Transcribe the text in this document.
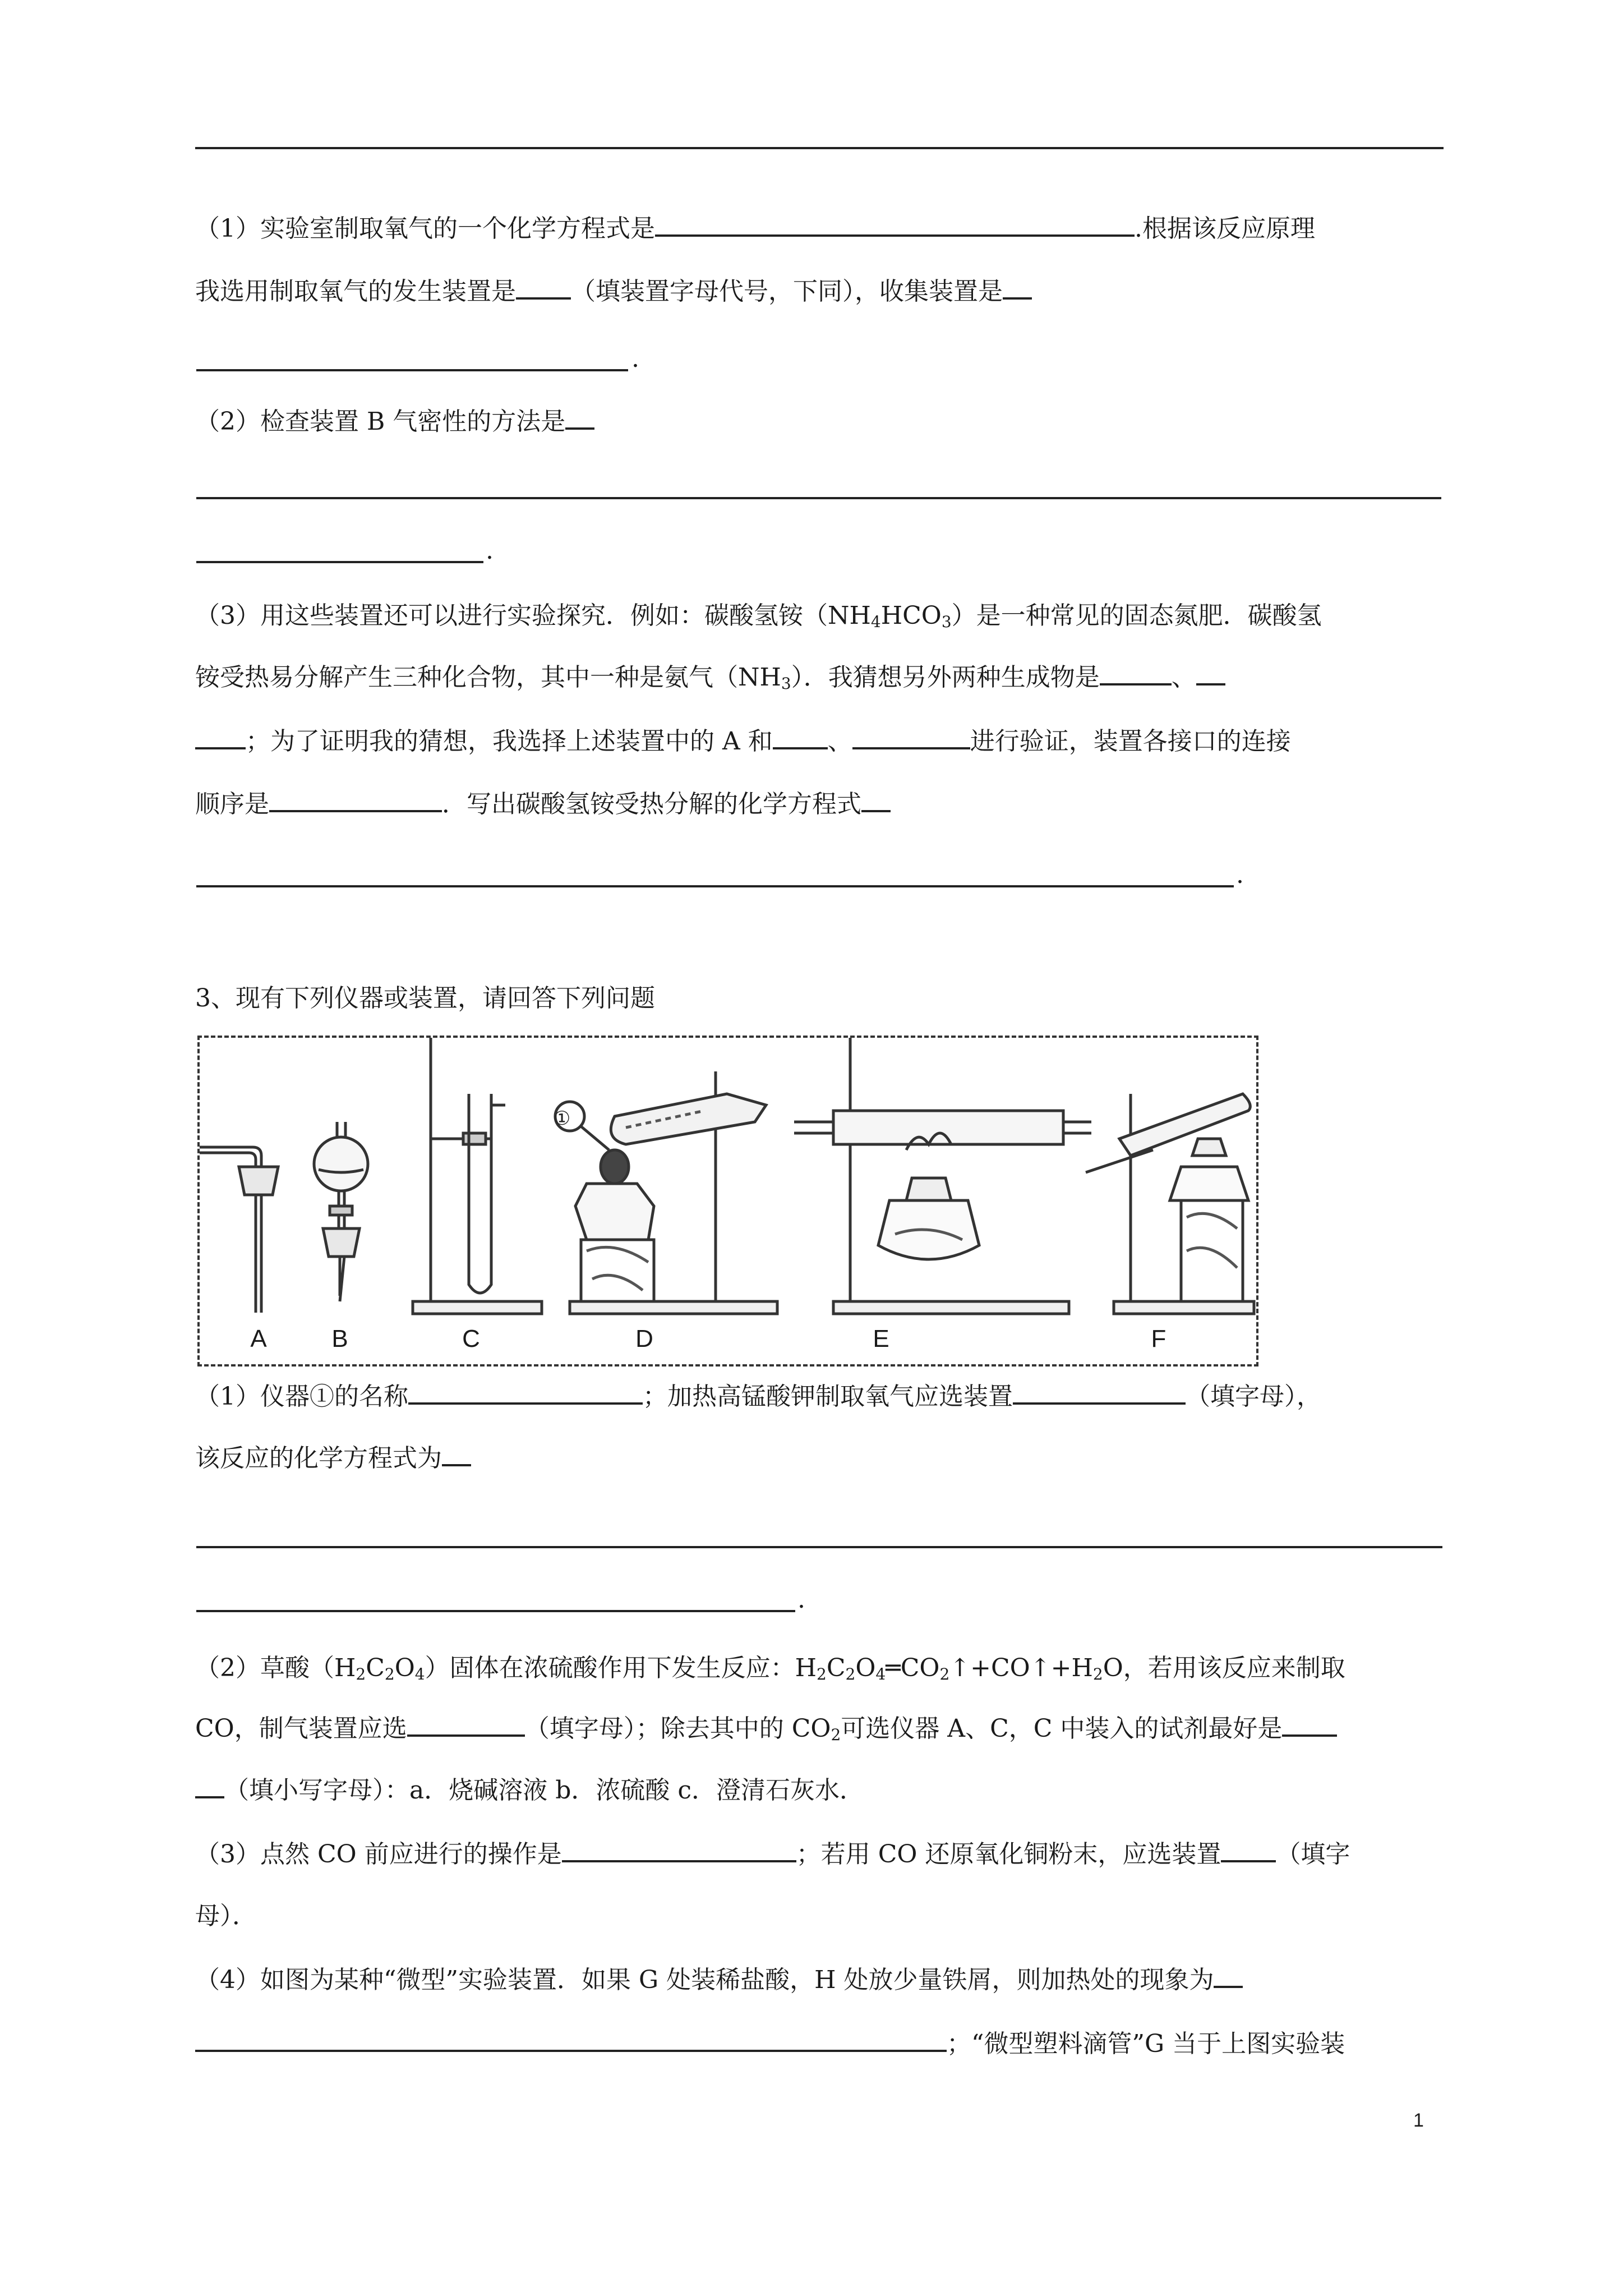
（1）实验室制取氧气的一个化学方程式是	.根据该反应原理
我选用制取氧气的发生装置是 （填装置字母代号，下同），收集装置是
.
（2）检查装置 B 气密性的方法是
.
（3）用这些装置还可以进行实验探究．例如：碳酸氢铵$(NH_4HCO_3)$是一种常见的固态氮肥．碳酸氢
铵受热易分解产生三种化合物，其中一种是氨气$(NH_3)$．我猜想另外两种生成物是	、
；为了证明我的猜想，我选择上述装置中的 A 和 、	进行验证，装置各接口的连接
顺序是	．写出碳酸氢铵受热分解的化学方程式
.
3、现有下列仪器或装置，请回答下列问题
①
A	B	C	D	E	F
（1）仪器①的名称	；加热高锰酸钾制取氧气应选装置	（填字母），
该反应的化学方程式为
.
（2）草酸$(H_2C_2O_4)$固体在浓硫酸作用下发生反应：$H_2C_2O_4═CO_2↑+CO↑+H_2O$，若用该反应来制取
CO，制气装置应选	（填字母）；除去其中的 $CO_2$可选仪器 A、C，C 中装入的试剂最好是
（填小写字母）：a．烧碱溶液 b．浓硫酸 c．澄清石灰水．
（3）点然 CO 前应进行的操作是	；若用 CO 还原氧化铜粉末，应选装置 （填字
母）．
（4）如图为某种“微型”实验装置．如果 G 处装稀盐酸，H 处放少量铁屑，则加热处的现象为
；“微型塑料滴管”G 当于上图实验装
1
